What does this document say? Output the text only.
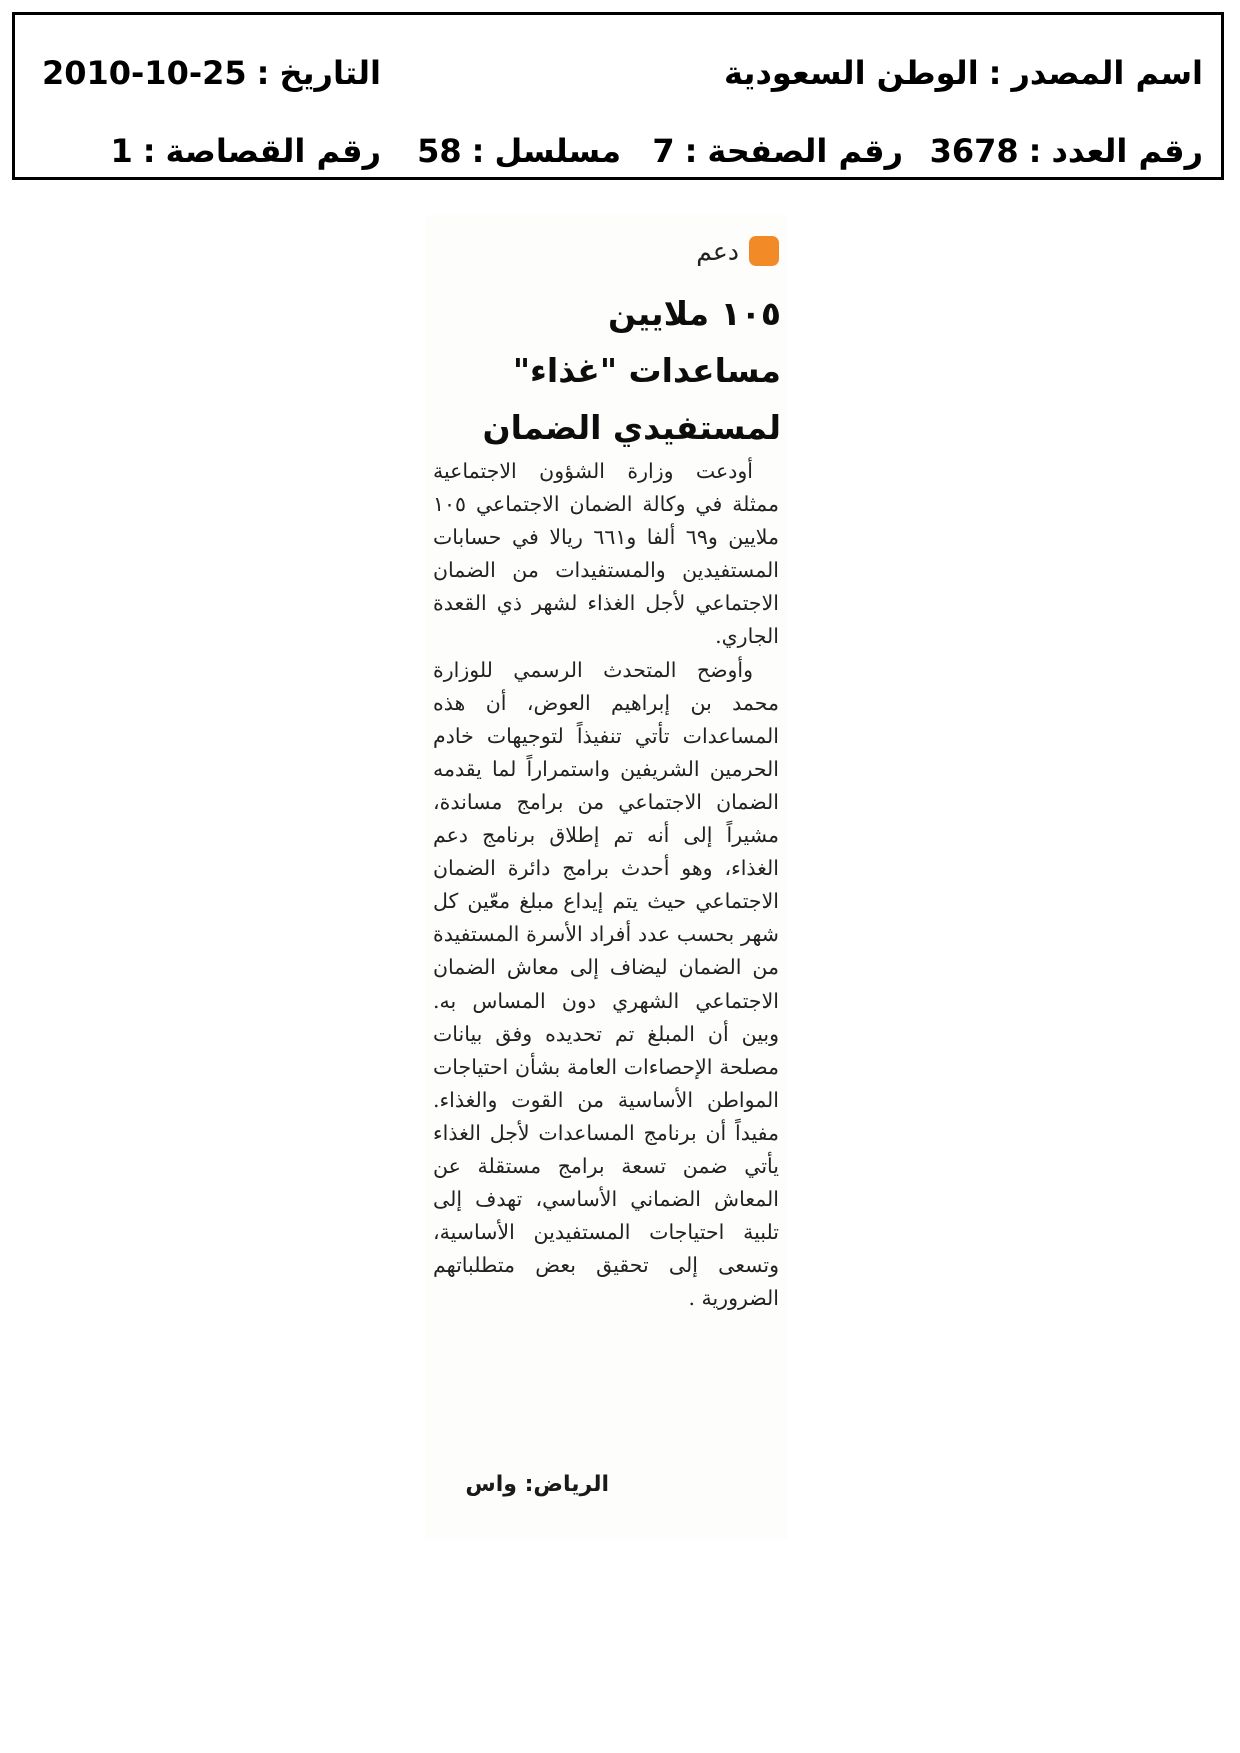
اسم المصدر:الوطن السعودية
التاريخ:2010-10-25
رقم العدد:3678
رقم الصفحة:7
مسلسل:58
رقم القصاصة:1
دعم
١٠٥ ملايين
مساعدات "غذاء"
لمستفيدي الضمان

أودعت وزارة الشؤون الاجتماعية ممثلة في وكالة الضمان الاجتماعي ١٠٥ ملايين و٦٩ ألفا و٦٦١ ريالا في حسابات المستفيدين والمستفيدات من الضمان الاجتماعي لأجل الغذاء لشهر ذي القعدة الجاري.

وأوضح المتحدث الرسمي للوزارة محمد بن إبراهيم العوض، أن هذه المساعدات تأتي تنفيذاً لتوجيهات خادم الحرمين الشريفين واستمراراً لما يقدمه الضمان الاجتماعي من برامج مساندة، مشيراً إلى أنه تم إطلاق برنامج دعم الغذاء، وهو أحدث برامج دائرة الضمان الاجتماعي حيث يتم إيداع مبلغ معّين كل شهر بحسب عدد أفراد الأسرة المستفيدة من الضمان ليضاف إلى معاش الضمان الاجتماعي الشهري دون المساس به. وبين أن المبلغ تم تحديده وفق بيانات مصلحة الإحصاءات العامة بشأن احتياجات المواطن الأساسية من القوت والغذاء. مفيداً أن برنامج المساعدات لأجل الغذاء يأتي ضمن تسعة برامج مستقلة عن المعاش الضماني الأساسي، تهدف إلى تلبية احتياجات المستفيدين الأساسية، وتسعى إلى تحقيق بعض متطلباتهم الضرورية .

الرياض: واس
